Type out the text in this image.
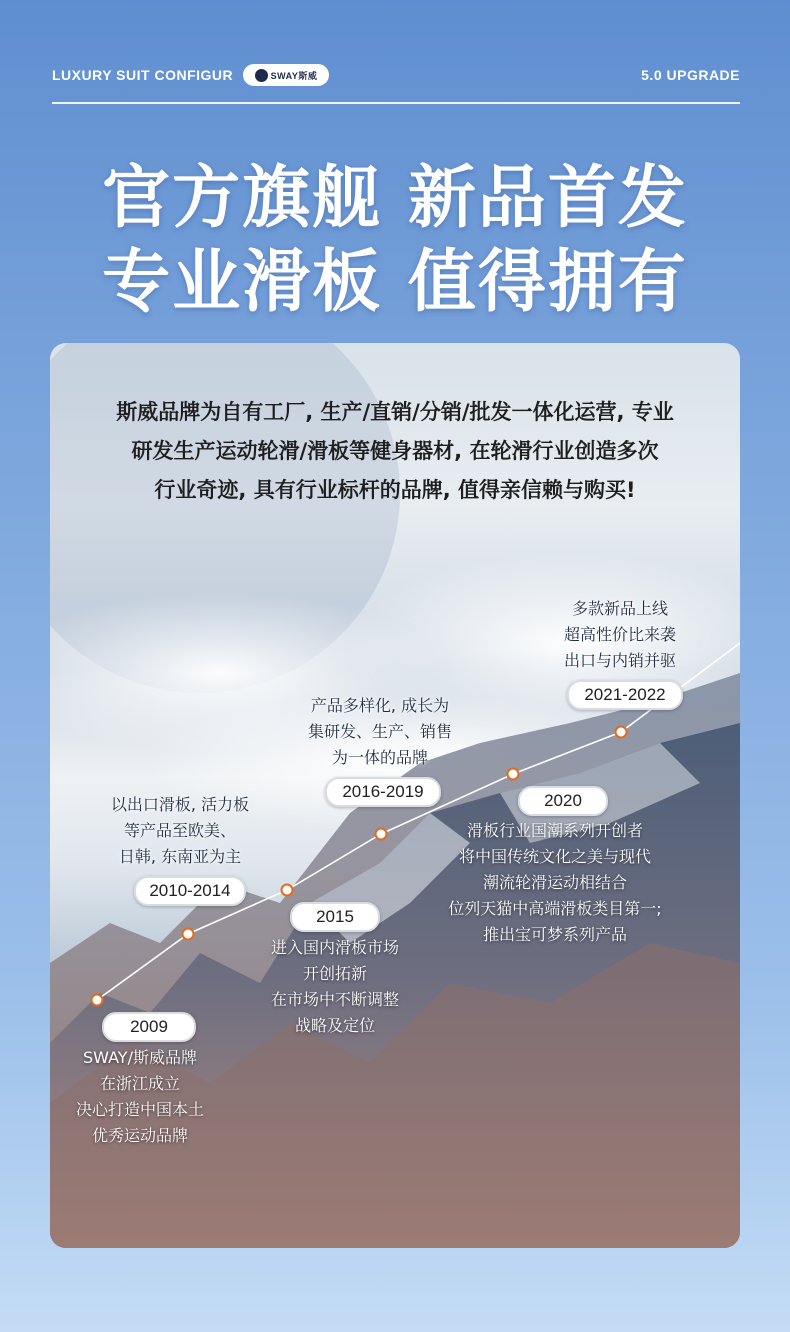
LUXURY SUIT CONFIGUR	SWAY斯威	5.0 UPGRADE
官方旗舰 新品首发
专业滑板 值得拥有
斯威品牌为自有工厂, 生产/直销/分销/批发一体化运营, 专业
研发生产运动轮滑/滑板等健身器材, 在轮滑行业创造多次
行业奇迹, 具有行业标杆的品牌, 值得亲信赖与购买!
2009
SWAY/斯威品牌
在浙江成立
决心打造中国本土
优秀运动品牌
以出口滑板, 活力板
等产品至欧美、
日韩, 东南亚为主
2010-2014
2015
进入国内滑板市场
开创拓新
在市场中不断调整
战略及定位
产品多样化, 成长为
集研发、生产、销售
为一体的品牌
2016-2019	2020
滑板行业国潮系列开创者
将中国传统文化之美与现代
潮流轮滑运动相结合
位列天猫中高端滑板类目第一;
推出宝可梦系列产品
多款新品上线
超高性价比来袭
出口与内销并驱
2021-2022
